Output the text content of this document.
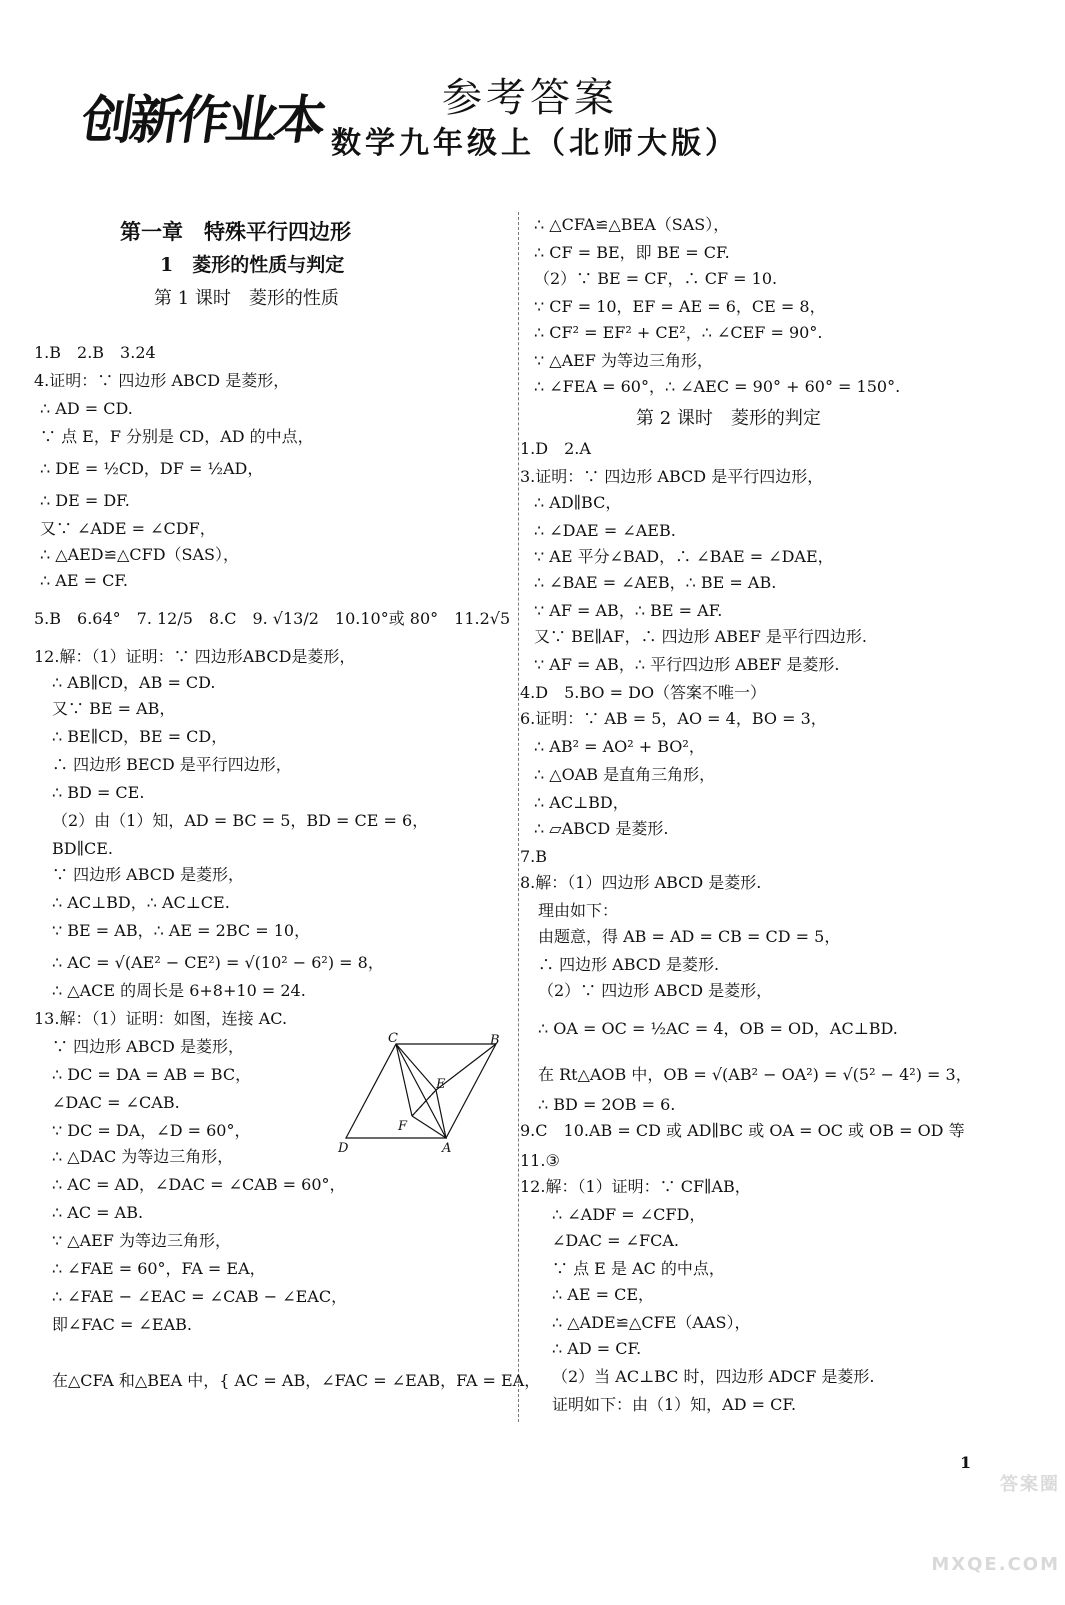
创新作业本	参考答案
数学九年级上（北师大版）
第一章　特殊平行四边形
1　菱形的性质与判定
第 1 课时　菱形的性质
1.B　2.B　3.24
4.证明：∵ 四边形 ABCD 是菱形，
∴ AD = CD.
∵ 点 E，F 分别是 CD，AD 的中点，
∴ DE = ½CD，DF = ½AD，
∴ DE = DF.
又∵ ∠ADE = ∠CDF，
∴ △AED≌△CFD（SAS），
∴ AE = CF.
5.B　6.64°　7. 12/5　8.C　9. √13/2　10.10°或 80°　11.2√5
12.解：（1）证明：∵ 四边形ABCD是菱形，
∴ AB∥CD，AB = CD.
又∵ BE = AB，
∴ BE∥CD，BE = CD，
∴ 四边形 BECD 是平行四边形，
∴ BD = CE.
（2）由（1）知，AD = BC = 5，BD = CE = 6，
BD∥CE.
∵ 四边形 ABCD 是菱形，
∴ AC⊥BD，∴ AC⊥CE.
∵ BE = AB，∴ AE = 2BC = 10，
∴ AC = √(AE² − CE²) = √(10² − 6²) = 8，
∴ △ACE 的周长是 6+8+10 = 24.
13.解：（1）证明：如图，连接 AC.
∵ 四边形 ABCD 是菱形，
∴ DC = DA = AB = BC，
∠DAC = ∠CAB.
∵ DC = DA，∠D = 60°，
∴ △DAC 为等边三角形，
∴ AC = AD，∠DAC = ∠CAB = 60°，
∴ AC = AB.
∵ △AEF 为等边三角形，
∴ ∠FAE = 60°，FA = EA，
∴ ∠FAE − ∠EAC = ∠CAB − ∠EAC，
即∠FAC = ∠EAB.
在△CFA 和△BEA 中，{ AC = AB，∠FAC = ∠EAB，FA = EA，
C	B
E
F
D	A
∴ △CFA≌△BEA（SAS），
∴ CF = BE，即 BE = CF.
（2）∵ BE = CF，∴ CF = 10.
∵ CF = 10，EF = AE = 6，CE = 8，
∴ CF² = EF² + CE²，∴ ∠CEF = 90°.
∵ △AEF 为等边三角形，
∴ ∠FEA = 60°，∴ ∠AEC = 90° + 60° = 150°.
第 2 课时　菱形的判定
1.D　2.A
3.证明：∵ 四边形 ABCD 是平行四边形，
∴ AD∥BC，
∴ ∠DAE = ∠AEB.
∵ AE 平分∠BAD，∴ ∠BAE = ∠DAE，
∴ ∠BAE = ∠AEB，∴ BE = AB.
∵ AF = AB，∴ BE = AF.
又∵ BE∥AF，∴ 四边形 ABEF 是平行四边形.
∵ AF = AB，∴ 平行四边形 ABEF 是菱形.
4.D　5.BO = DO（答案不唯一）
6.证明：∵ AB = 5，AO = 4，BO = 3，
∴ AB² = AO² + BO²，
∴ △OAB 是直角三角形，
∴ AC⊥BD，
∴ ▱ABCD 是菱形.
7.B
8.解：（1）四边形 ABCD 是菱形.
理由如下：
由题意，得 AB = AD = CB = CD = 5，
∴ 四边形 ABCD 是菱形.
（2）∵ 四边形 ABCD 是菱形，
∴ OA = OC = ½AC = 4，OB = OD，AC⊥BD.
在 Rt△AOB 中，OB = √(AB² − OA²) = √(5² − 4²) = 3，
∴ BD = 2OB = 6.
9.C　10.AB = CD 或 AD∥BC 或 OA = OC 或 OB = OD 等
11.③
12.解：（1）证明：∵ CF∥AB，
∴ ∠ADF = ∠CFD，
∠DAC = ∠FCA.
∵ 点 E 是 AC 的中点，
∴ AE = CE，
∴ △ADE≌△CFE（AAS），
∴ AD = CF.
（2）当 AC⊥BC 时，四边形 ADCF 是菱形.
证明如下：由（1）知，AD = CF.
答案圈 MXQE.COM
1
